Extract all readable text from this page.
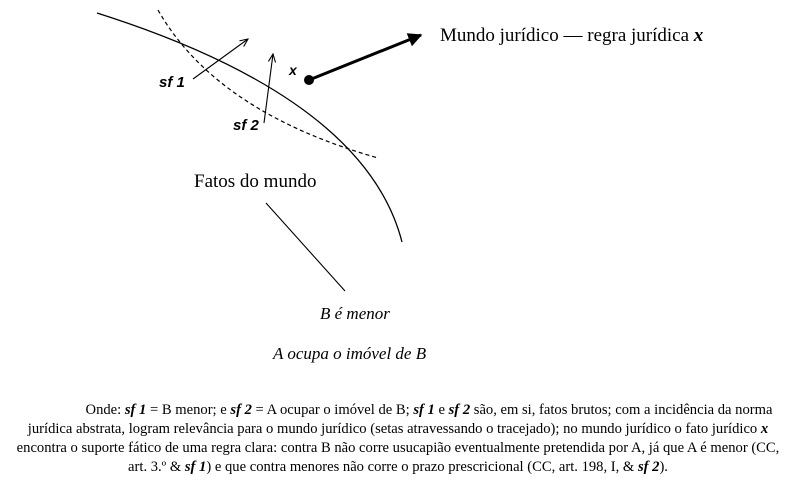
Mundo jurídico — regra jurídica x
x
sf 1
sf 2
Fatos do mundo
B é menor
A ocupa o imóvel de B
Onde: sf 1 = B menor; e sf 2 = A ocupar o imóvel de B; sf 1 e sf 2 são, em si, fatos brutos; com a incidência da norma jurídica abstrata, logram relevância para o mundo jurídico (setas atravessando o tracejado); no mundo jurídico o fato jurídico x encontra o suporte fático de uma regra clara: contra B não corre usucapião eventualmente pretendida por A, já que A é menor (CC, art. 3.º & sf 1) e que contra menores não corre o prazo prescricional (CC, art. 198, I, & sf 2).
